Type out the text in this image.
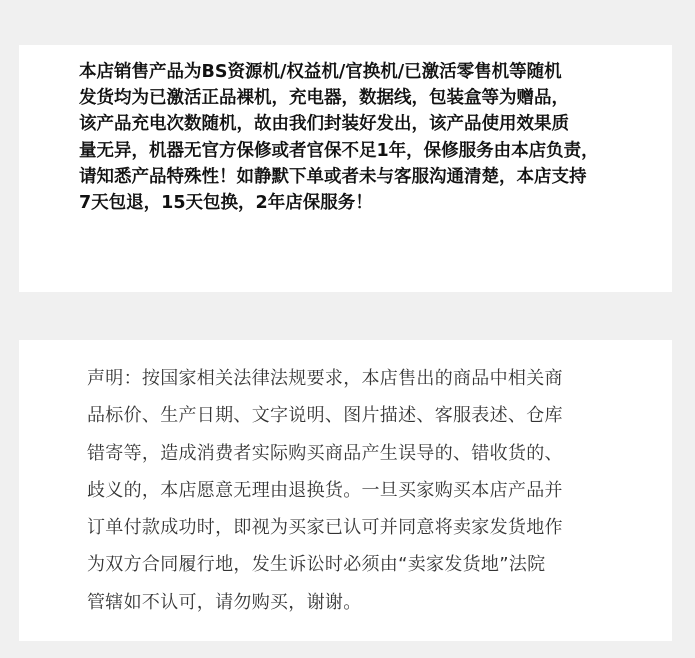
本店销售产品为BS资源机/权益机/官换机/已激活零售机等随机

发货均为已激活正品裸机，充电器，数据线，包装盒等为赠品，

该产品充电次数随机，故由我们封装好发出，该产品使用效果质

量无异，机器无官方保修或者官保不足1年，保修服务由本店负责，

请知悉产品特殊性！如静默下单或者未与客服沟通清楚，本店支持

7天包退，15天包换，2年店保服务！

声明：按国家相关法律法规要求，本店售出的商品中相关商

品标价、生产日期、文字说明、图片描述、客服表述、仓库

错寄等，造成消费者实际购买商品产生误导的、错收货的、

歧义的，本店愿意无理由退换货。一旦买家购买本店产品并

订单付款成功时，即视为买家已认可并同意将卖家发货地作

为双方合同履行地，发生诉讼时必须由“卖家发货地”法院

管辖如不认可，请勿购买，谢谢。
